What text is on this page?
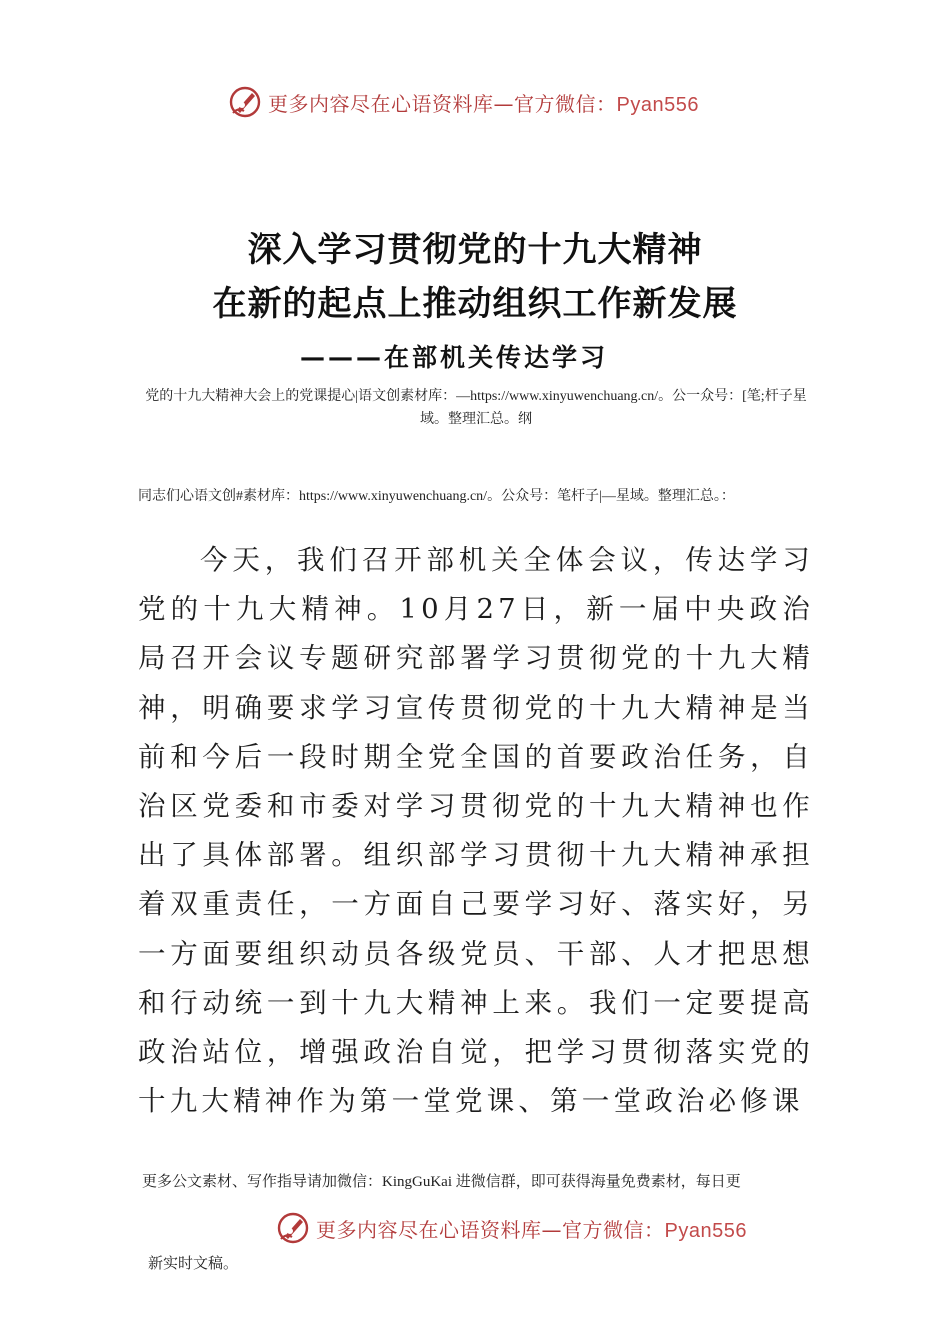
更多内容尽在心语资料库—官方微信：Pyan556
深入学习贯彻党的十九大精神
在新的起点上推动组织工作新发展
———在部机关传达学习
党的十九大精神大会上的党课提心|语文创素材库：—https://www.xinyuwenchuang.cn/。公一众号：[笔;杆子星域。整理汇总。纲
同志们心语文创#素材库：https://www.xinyuwenchuang.cn/。公众号：笔杆子|—星域。整理汇总。：
今天，我们召开部机关全体会议，传达学习党的十九大精神。10月27日，新一届中央政治局召开会议专题研究部署学习贯彻党的十九大精神，明确要求学习宣传贯彻党的十九大精神是当前和今后一段时期全党全国的首要政治任务，自治区党委和市委对学习贯彻党的十九大精神也作出了具体部署。组织部学习贯彻十九大精神承担着双重责任，一方面自己要学习好、落实好，另一方面要组织动员各级党员、干部、人才把思想和行动统一到十九大精神上来。我们一定要提高政治站位，增强政治自觉，把学习贯彻落实党的十九大精神作为第一堂党课、第一堂政治必修课
更多公文素材、写作指导请加微信：KingGuKai 进微信群，即可获得海量免费素材，每日更
更多内容尽在心语资料库—官方微信：Pyan556
新实时文稿。
